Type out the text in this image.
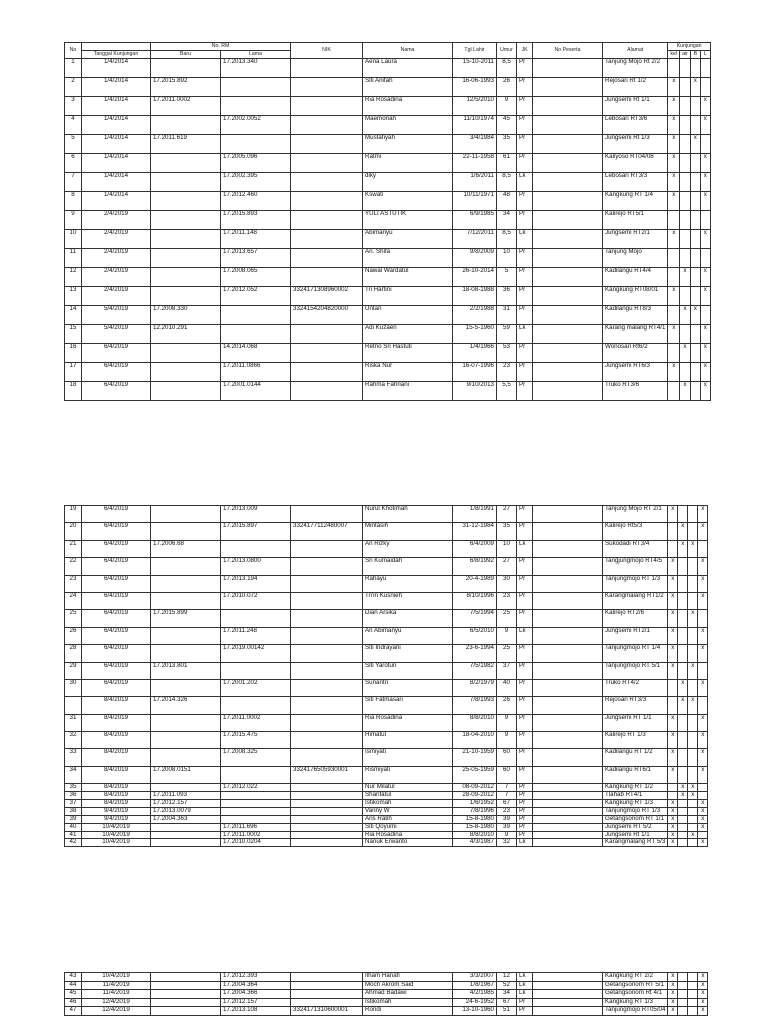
No		No. RM		NIK	Nama	Tgl Lahir	Umur	JK	No Peserta	Alamat	Kunjungan			
	Tanggal Kunjungan	Baru	Lama								kel	air	B	L
1	1/4/2014		17.2013.340		Aena Laura	15-10-2011	8,5	Pr		Tanjung Mojo Rt 2/2				
2	1/4/2014	17.2015.892			Siti Anifah	16-06-1993	26	Pr		Rejosari Rt 1/2	x		x	
3	1/4/2014	17.2011.0002			Ria Rosadina	12/5/2010	9	Pr		Jungsemi Rt 1/1	x			x
4	1/4/2014		17.2002.0052		Maemonah	11/10/1974	45	Pr		Lebosari RT3/6	x			x
5	1/4/2014	17.2011.619			Mustafiyah	3/4/1984	35	Pr		Jungsemi Rt 1/3	x		x	
6	1/4/2014		17.2005.096		Ratmi	22-11-1958	61	Pr		Kaliyoso RT04/08	x			x
7	1/4/2014		17.2002.395		diky	1/6/2011	8,5	Lk		Lebosari RT3/3	x			x
8	1/4/2014		17.2012.460		Kswati	10/11/1971	48	Pr		Kangkung RT 1/4	x			x
9	2/4/2019		17.2015.893		YULI ASTUTIK	6/9/1985	34	Pr		Kalirejo RT5/1				
10	2/4/2019		17.2011.148		Abimanyu	7/12/2011	8,5	Lk		Jungsemi RT2/1	x			x
11	2/4/2019		17.2013.657		An. Shifa	9/8/2009	10	Pr		Tanjung Mojo				
12	2/4/2019		17.2008.065		Nawal Wardatul	26-10-2014	5	Pr		Kadilangu RT4/4		x		x
13	2/4/2019		17.2012.052	3324171308960002	Tri Hartini	18-08-1988	36	Pr		Kangkung RT08/01	x			x
14	5/4/2019	17.2008.330		3324154204820000	Untari	2/2/1988	31	Pr		Kadilangu RT8/3		x	x	
15	5/4/2019	12.2010.291			Adi Kuzaeri	15-5-1960	59	Lk		Karang malang RT4/1	x			x
16	6/4/2019		14.2014.068		Retno Sri Hastuti	1/4/1966	53	Pr		Wonosari Rt6/2		x		x
17	6/4/2019		17.2011.0866		Riska Nur	16-07-1996	23	Pr		Jungsemi RT6/3	x			x
18	6/4/2019		17.2001.0144		Rahma Fahriani	9/10/2013	5,5	Pr		Truko RT3/6		x		x
19	6/4/2019		17.2013.009		Nurul Khotimah	1/8/1991	27	Pr		Tanjung Mojo RT 2/1	x			x
20	6/4/2019		17.2015.897	3324177112480007	Mintasih	31-12-1984	35	Pr		Kalirejo Rt5/3		x		x
21	6/4/2019	17.2006.68			An Rizky	6/4/2009	10	Lk		Sukodadi RT3/4		x	x	
22	6/4/2019		17.2013.0800		Sri Kumaidah	6/8/1992	27	Pr		Tangjungmojo RT4/5	x			x
23	6/4/2019		17.2013.194		Rahayu	20-4-1989	30	Pr		Tanjungmojo RT 1/3	x			x
24	6/4/2019		17.2010.072		Tri'in Kusnieh	8/10/1996	23	Pr		Karangmalang RT1/2	x			x
25	6/4/2019	17.2015.899			Dian Arsika	7/5/1994	25	Pr		Kalirejo RT2/6	x		x	
26	6/4/2019		17.2011.248		An Abimanyu	6/5/2010	9	Lk		Jungsemi RT2/1	x			x
28	6/4/2019		17.2019.00142		Siti Indrayani	23-6-1994	25	Pr		Tanjungmojo RT 1/4	x			x
29	6/4/2019	17.2013.801			Siti Yarotun	7/5/1982	37	Pr		Tanjungmojo RT 5/1	x		x	
30	6/4/2019		17.2001.202		Sunantri	8/2/1979	40	Pr		Truko RT4/2		x		x
	8/4/2019	17.2014.326			Siti Fatmasari	7/8/1993	26	Pr		Rejosari RT3/3		x	x	
31	8/4/2019		17.2011.0002		Ria Rosadina	8/8/2010	9	Pr		Jungsemi RT 1/1	x			x
32	8/4/2019		17.2015.475		Himatul	18-04-2010	9	Pr		Kalirejo RT 1/3	x			x
33	8/4/2019		17.2008.325		Ismiyati	21-10-1959	60	Pr		Kadilangu RT 1/2	x			x
34	8/4/2019	17.2008.0151		3324176505930001	Rismiyati	25-05-1959	60	Pr		Kadilangu RT6/1	x			x
35	8/4/2019		17.2012.022		Nur Milatul	08-09-2012	7	Pr		Kangkung RT 1/2		x	x	
36	8/4/2019	17.2011.093			Sharifatul	28-09-2012	7	Pr		Tlahab RT4/1		x	x	
37	8/4/2019	17.2012.157			Istikomah	1/6/1952	67	Pr		Kangkung RT 1/3	x			x
38	9/4/2019	17.2013.0079			Vanny W	7/8/1996	23	Pr		Tanjungmojo RT 1/3	x			x
39	9/4/2019	17.2004.363			Aris Ratih	15-8-1980	39	Pr		Getangsonom RT 1/1	x			x
40	10/4/2019		17.2011.696		Siti Qoyumi	15-8-1980	39	Pr		Jungsemi RT 5/2	x			x
41	10/4/2019		17.2011.0002		Ria Rosadina	8/8/2010	9	Pr		Jungsemi Rt 1/1	x		x	
42	10/4/2019		17.2010.0204		Nanuk Erwanto	4/3/1987	32	Lk		Karangmalang RT 5/3	x			x
43	10/4/2019		17.2012.393		Ilham Hanafi	3/3/2007	12	Lk		Kangkung RT 2/2	x			x
44	11/4/2019		17.2004.364		Moch Akrom Said	1/8/1967	52	Lk		Getangsonom RT 5/1	x			x
45	11/4/2019		17.2004.366		Ahmad Badawi	4/2/1985	34	Lk		Getangsonom Rt 4/1	x			x
46	12/4/2019		17.2012.157		Istikomah	24-6-1952	67	Pr		Kangkung RT 1/3	x			x
47	12/4/2019		17.2013.108	3324171310600001	Rondi	13-10-1960	51	Pr		Tanjungmojo RT05/04	x			x
